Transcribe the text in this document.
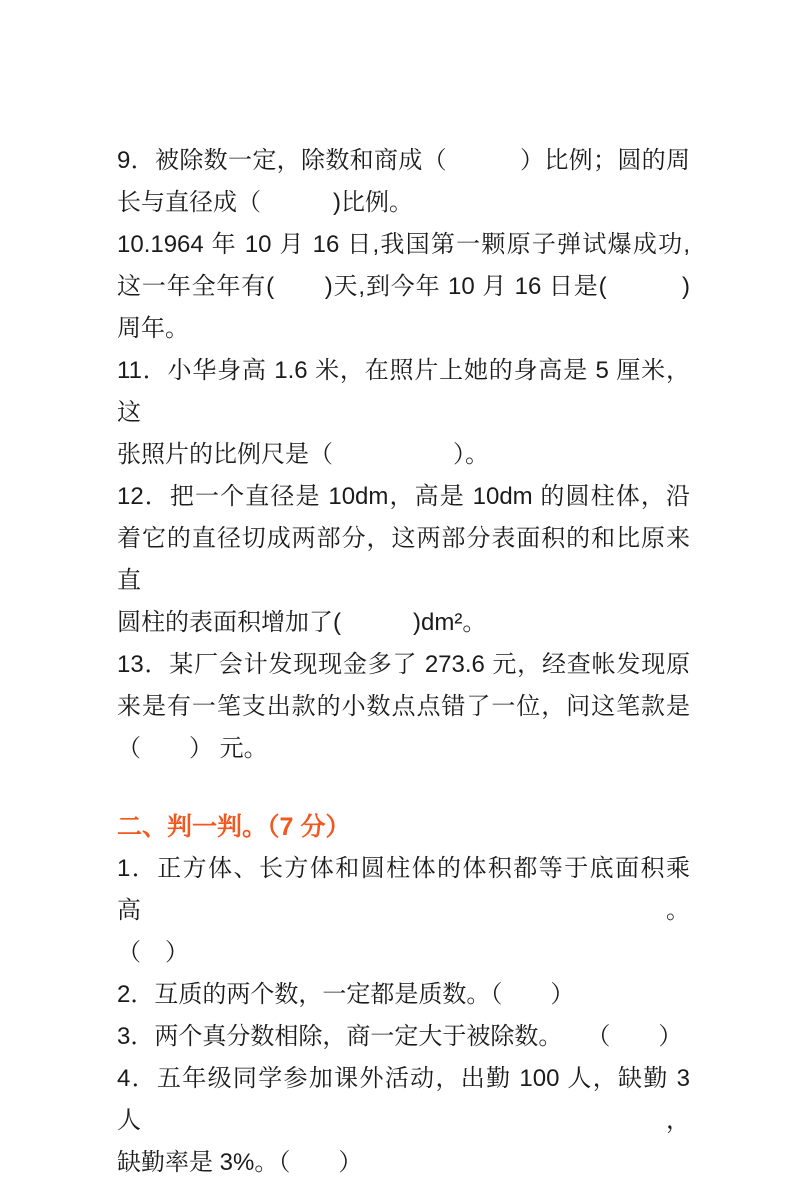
9．被除数一定，除数和商成（　　　）比例；圆的周

长与直径成（　　　)比例。

10.1964 年 10 月 16 日,我国第一颗原子弹试爆成功,

这一年全年有(　　)天,到今年 10 月 16 日是(　　　)

周年。

11．小华身高 1.6 米，在照片上她的身高是 5 厘米，这

张照片的比例尺是（　　　　　）。

12．把一个直径是 10dm，高是 10dm 的圆柱体，沿

着它的直径切成两部分，这两部分表面积的和比原来直

圆柱的表面积增加了(　　　)dm²。

13．某厂会计发现现金多了 273.6 元，经查帐发现原

来是有一笔支出款的小数点点错了一位，问这笔款是

（　　） 元。

二、判一判。（7 分）

1．正方体、长方体和圆柱体的体积都等于底面积乘高。

（　）

2．互质的两个数，一定都是质数。（　　）

3．两个真分数相除，商一定大于被除数。　　（　　）

4．五年级同学参加课外活动，出勤 100 人，缺勤 3 人，

缺勤率是 3%。（　　）
